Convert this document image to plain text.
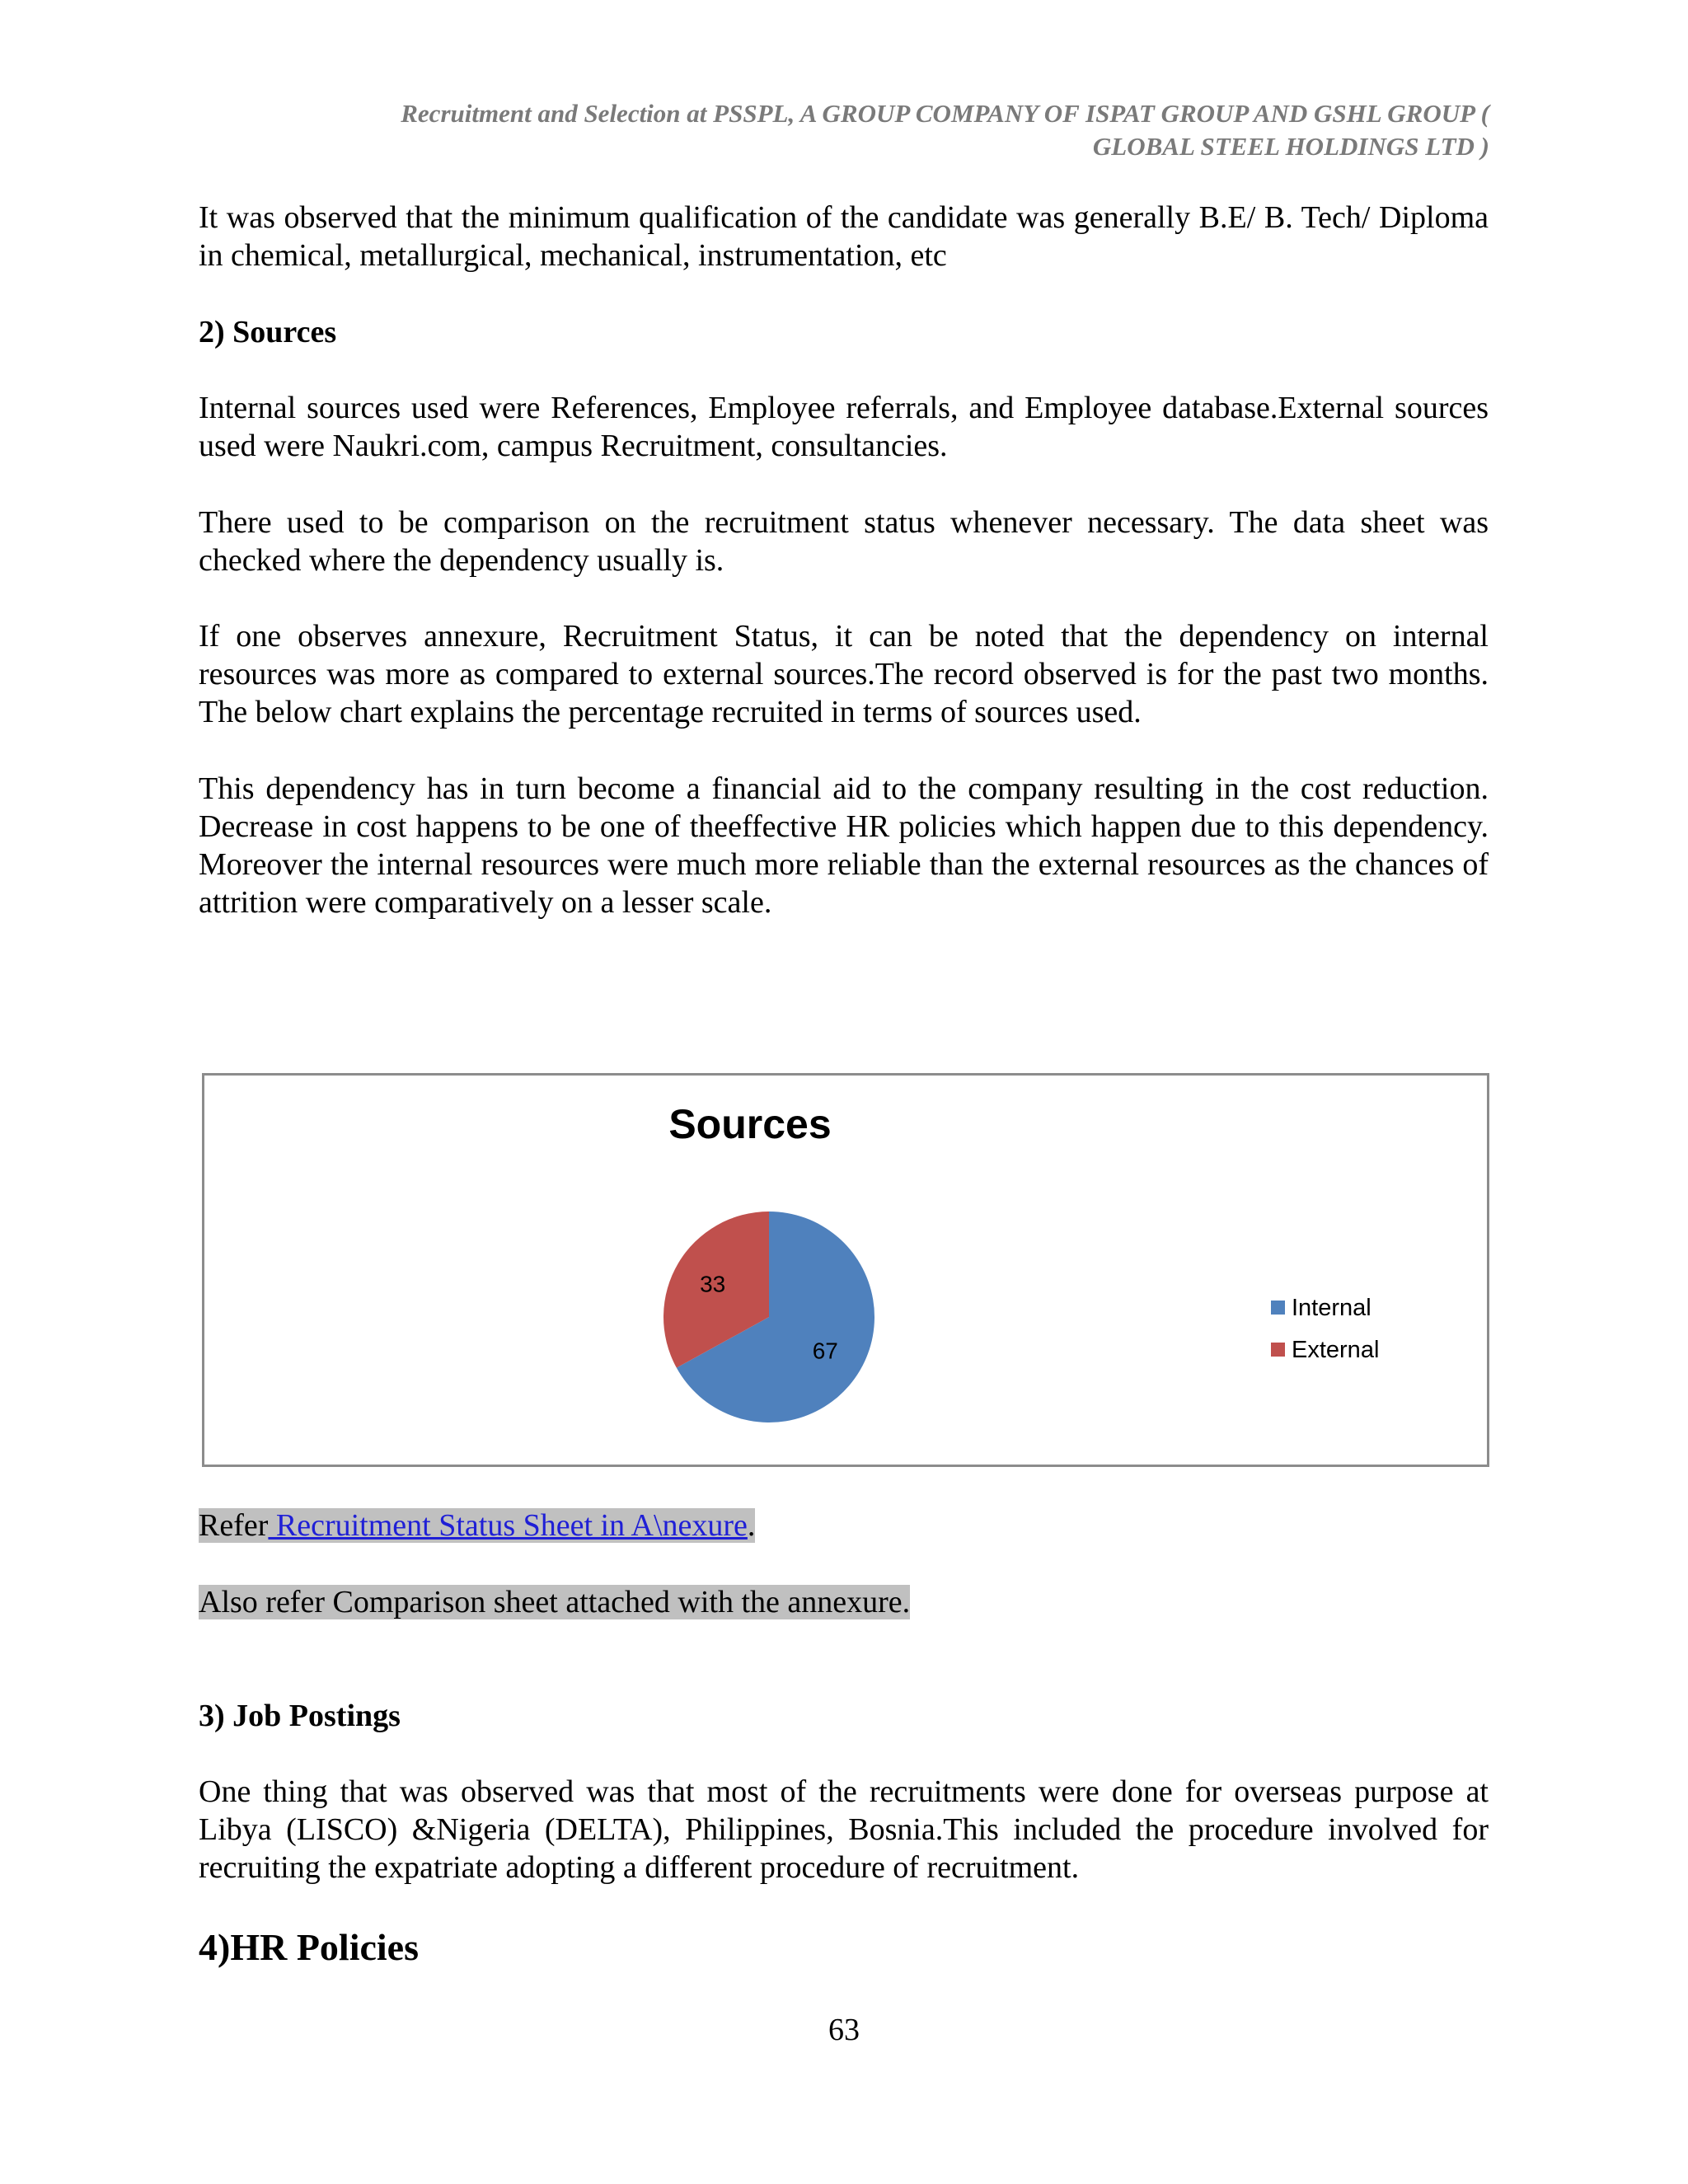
Recruitment and Selection at PSSPL, A GROUP COMPANY OF ISPAT GROUP AND GSHL GROUP (
GLOBAL STEEL HOLDINGS LTD )

It was observed that the minimum qualification of the candidate was generally B.E/ B. Tech/ Diploma in chemical, metallurgical, mechanical, instrumentation, etc

2) Sources

Internal sources used were References, Employee referrals, and Employee database.External sources used were Naukri.com, campus Recruitment, consultancies.

There used to be comparison on the recruitment status whenever necessary. The data sheet was checked where the dependency usually is.

If one observes annexure, Recruitment Status, it can be noted that the dependency on internal resources was more as compared to external sources.The record observed is for the past two months. The below chart explains the percentage recruited in terms of sources used.

This dependency has in turn become a financial aid to the company resulting in the cost reduction. Decrease in cost happens to be one of theeffective HR policies which happen due to this dependency. Moreover the internal resources were much more reliable than the external resources as the chances of attrition were comparatively on a lesser scale.

Sources
67
33
Internal
External
Refer Recruitment Status Sheet in A\nexure.
Also refer Comparison sheet attached with the annexure.

3) Job Postings

One thing that was observed was that most of the recruitments were done for overseas purpose at Libya (LISCO) &Nigeria (DELTA), Philippines, Bosnia.This included the procedure involved for recruiting the expatriate adopting a different procedure of recruitment.

4)HR Policies

63
